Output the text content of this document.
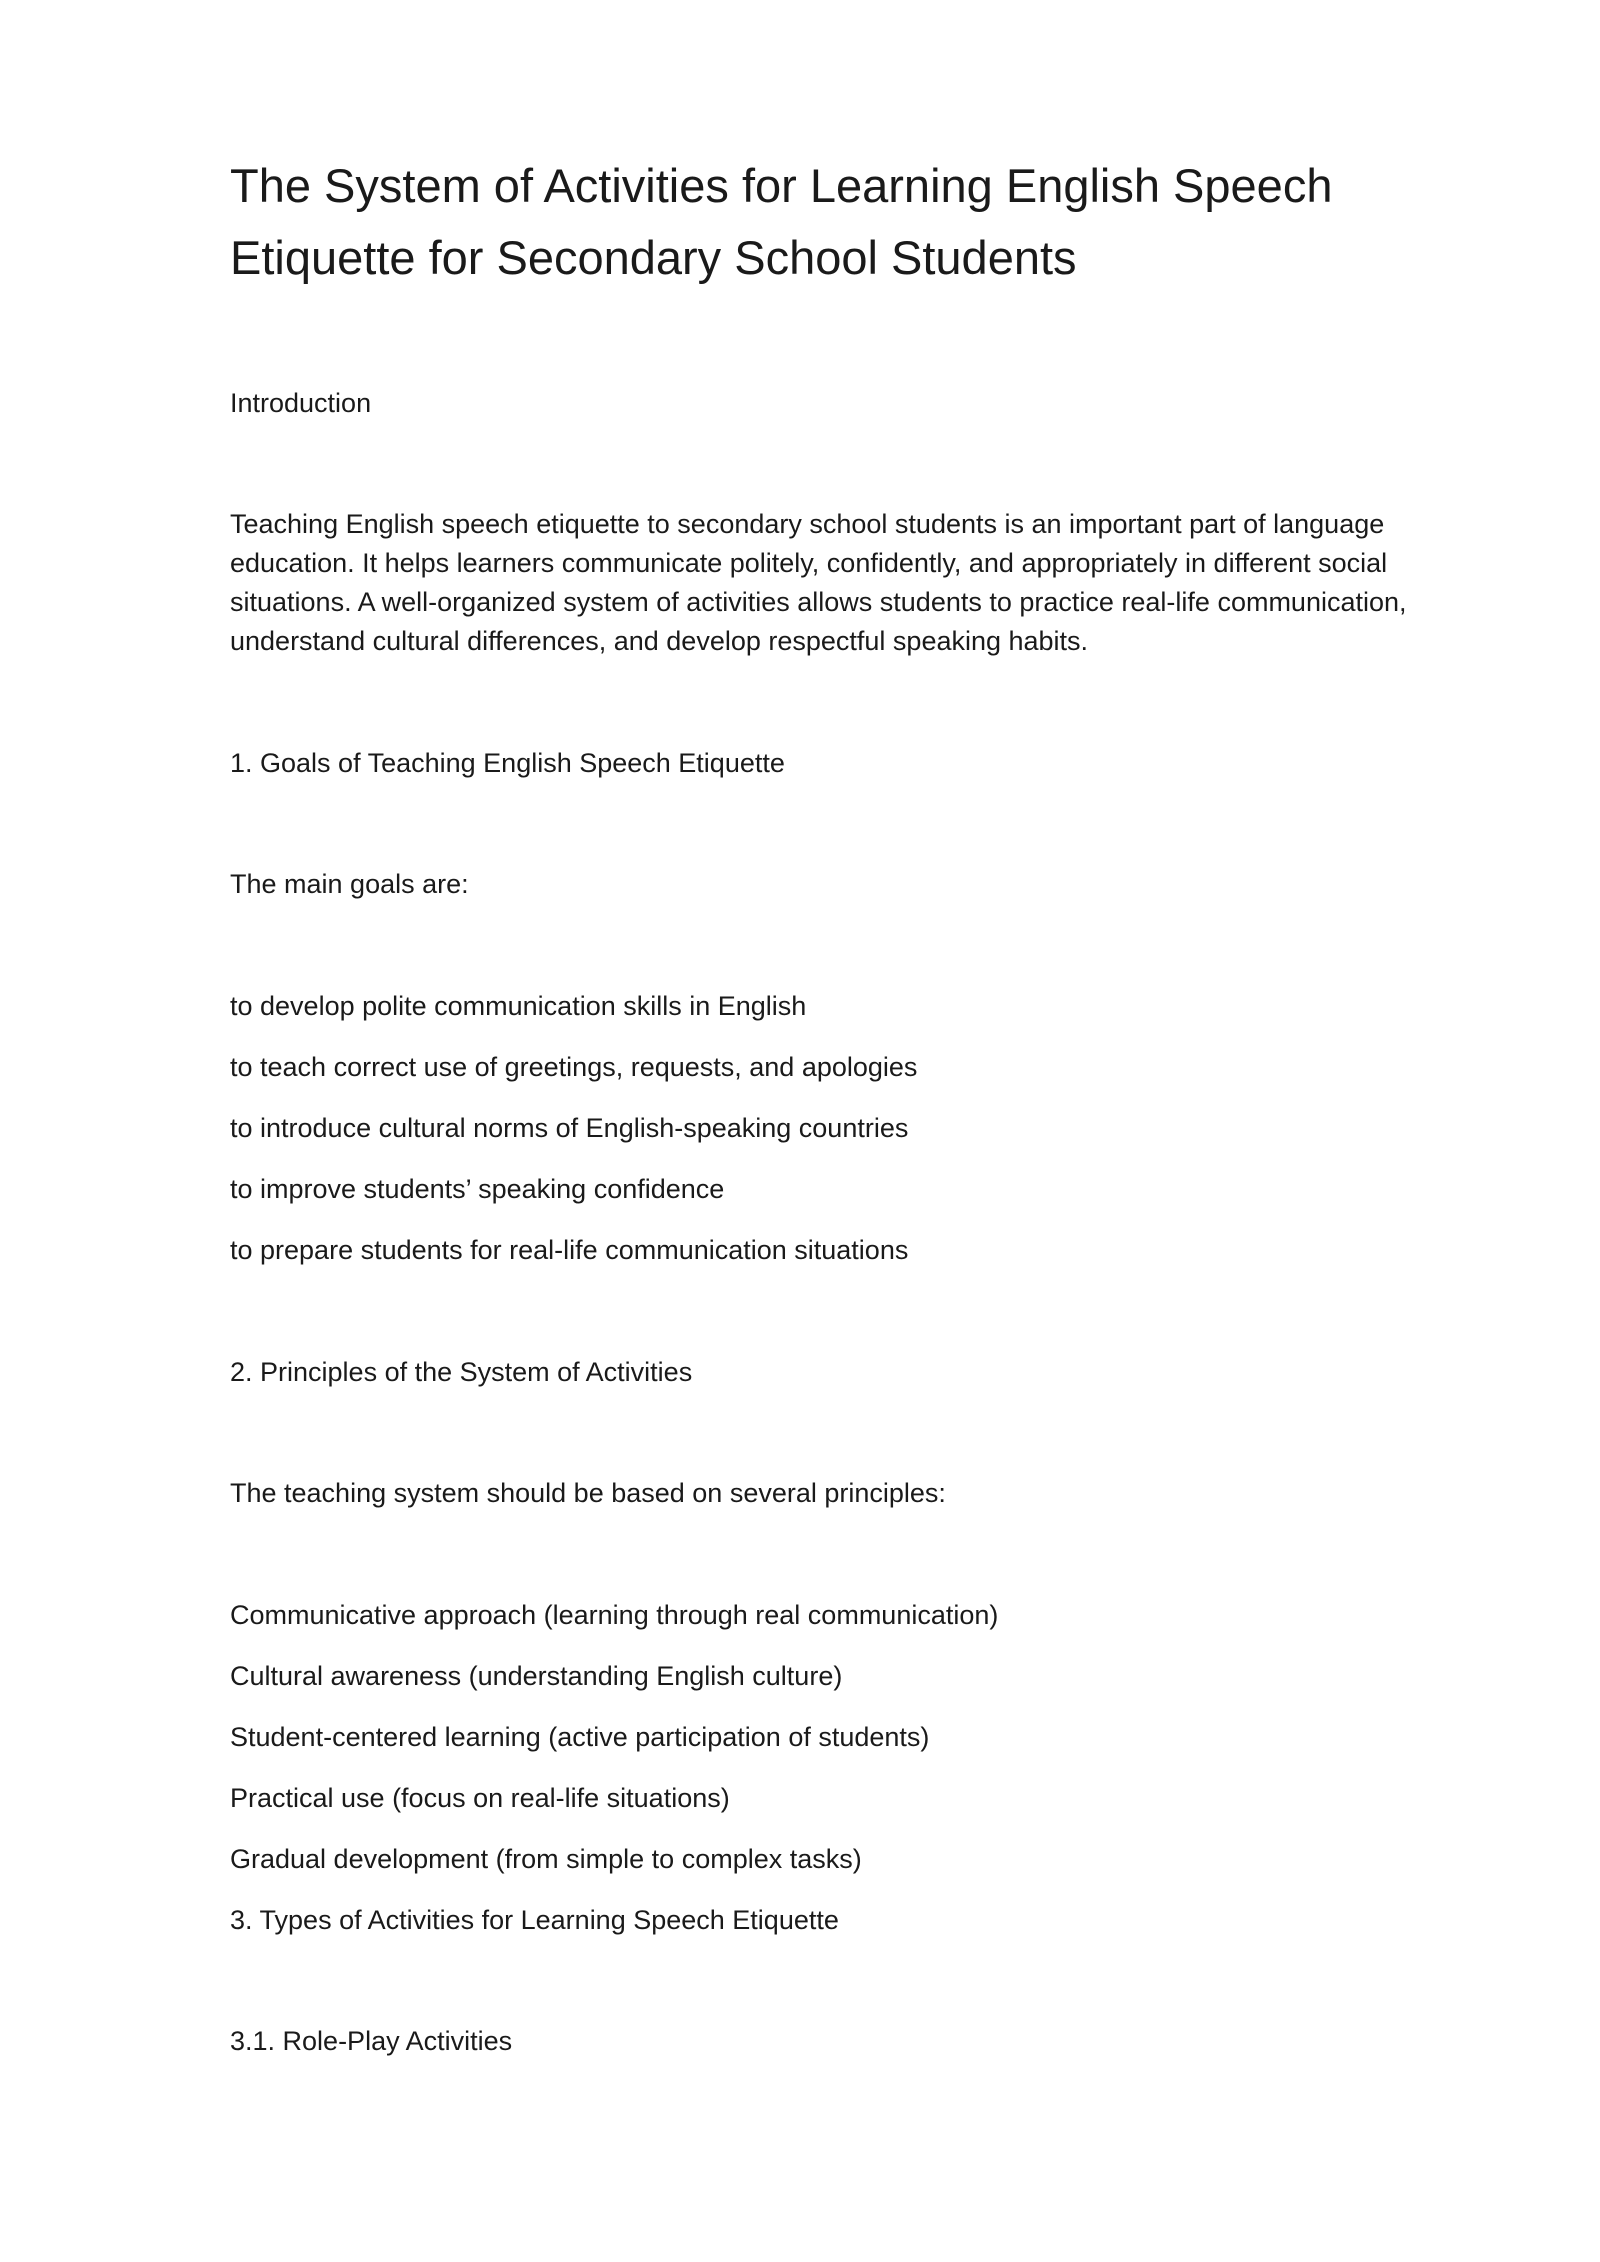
The System of Activities for Learning English Speech Etiquette for Secondary School Students

Introduction

Teaching English speech etiquette to secondary school students is an important part of language education. It helps learners communicate politely, confidently, and appropriately in different social situations. A well-organized system of activities allows students to practice real-life communication, understand cultural differences, and develop respectful speaking habits.

1. Goals of Teaching English Speech Etiquette

The main goals are:

to develop polite communication skills in English

to teach correct use of greetings, requests, and apologies

to introduce cultural norms of English-speaking countries

to improve students’ speaking confidence

to prepare students for real-life communication situations

2. Principles of the System of Activities

The teaching system should be based on several principles:

Communicative approach (learning through real communication)

Cultural awareness (understanding English culture)

Student-centered learning (active participation of students)

Practical use (focus on real-life situations)

Gradual development (from simple to complex tasks)

3. Types of Activities for Learning Speech Etiquette

3.1. Role-Play Activities
